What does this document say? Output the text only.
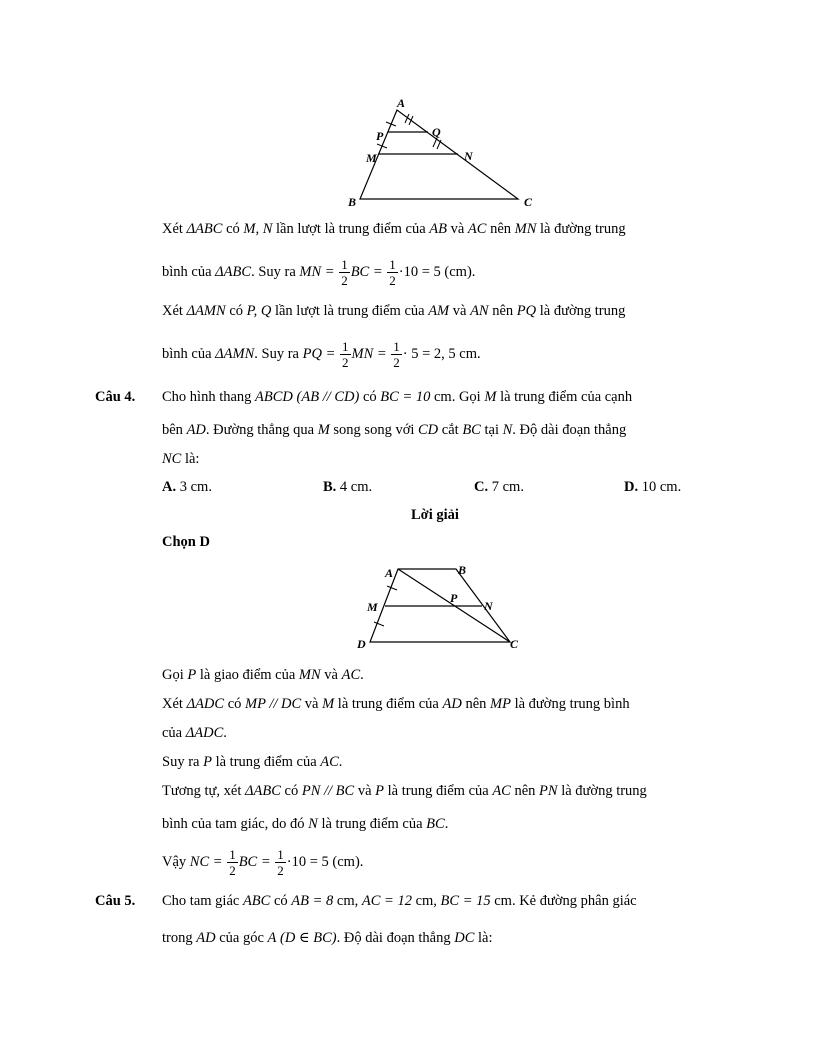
A
P	Q
M	N
B	C
Xét ΔABC có M, N lần lượt là trung điểm của AB và AC nên MN là đường trung
bình của ΔABC. Suy ra MN = $\frac{1}{2}$ BC = $\frac{1}{2} \cdot 10 = 5$ (cm).
Xét ΔAMN có P, Q lần lượt là trung điểm của AM và AN nên PQ là đường trung
bình của ΔAMN. Suy ra PQ = $\frac{1}{2}$ MN = $\frac{1}{2} \cdot 5 = 2$, 5 cm.
Câu 4. Cho hình thang ABCD (AB // CD) có BC = 10 cm. Gọi M là trung điểm của cạnh
bên AD. Đường thẳng qua M song song với CD cắt BC tại N. Độ dài đoạn thẳng
NC là:
A. 3 cm.	B. 4 cm.	C. 7 cm.	D. 10 cm.
Lời giải
Chọn D
A	B
M
P
N
D	C
Gọi P là giao điểm của MN và AC.
Xét ΔADC có MP // DC và M là trung điểm của AD nên MP là đường trung bình
của ΔADC.
Suy ra P là trung điểm của AC.
Tương tự, xét ΔABC có PN // BC và P là trung điểm của AC nên PN là đường trung
bình của tam giác, do đó N là trung điểm của BC.
Vậy NC = $\frac{1}{2}$ BC = $\frac{1}{2} \cdot 10 = 5$ (cm).
Câu 5. Cho tam giác ABC có AB = 8 cm, AC = 12 cm, BC = 15 cm. Kẻ đường phân giác
trong AD của góc A (D ∈ BC). Độ dài đoạn thẳng DC là:
